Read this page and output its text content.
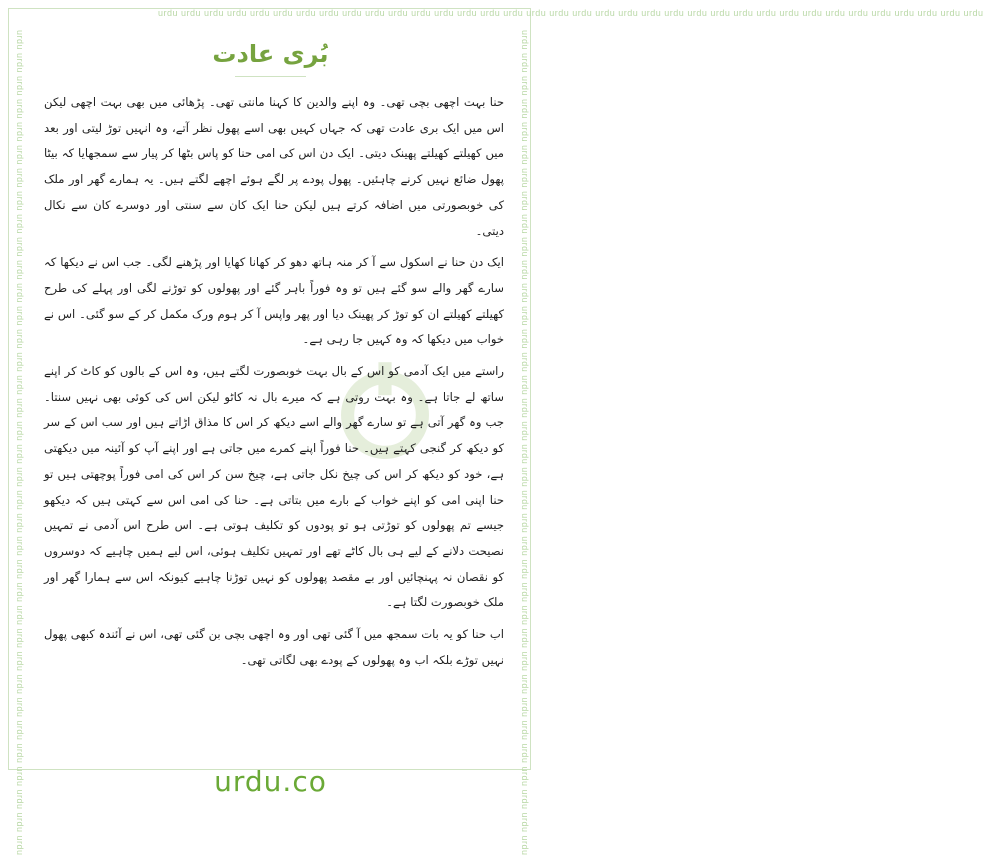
urdu urdu urdu urdu urdu urdu urdu urdu urdu urdu urdu urdu urdu urdu urdu urdu urdu urdu urdu urdu urdu urdu urdu urdu urdu urdu urdu urdu urdu urdu urdu urdu urdu urdu urdu urdu
urdu urdu urdu urdu urdu urdu urdu urdu urdu urdu urdu urdu urdu urdu urdu urdu urdu urdu urdu urdu urdu urdu urdu urdu urdu urdu urdu urdu urdu urdu urdu urdu urdu urdu urdu urdu	urdu urdu urdu urdu urdu urdu urdu urdu urdu urdu urdu urdu urdu urdu urdu urdu urdu urdu urdu urdu urdu urdu urdu urdu urdu urdu urdu urdu urdu urdu urdu urdu urdu urdu urdu urdu
بُری عادت

حنا بہت اچھی بچی تھی۔ وہ اپنے والدین کا کہنا مانتی تھی۔ پڑھائی میں بھی بہت اچھی لیکن اس میں ایک بری عادت تھی کہ جہاں کہیں بھی اسے پھول نظر آتے، وہ انہیں توڑ لیتی اور بعد میں کھیلتے کھیلتے پھینک دیتی۔ ایک دن اس کی امی حنا کو پاس بٹھا کر پیار سے سمجھایا کہ بیٹا پھول ضائع نہیں کرنے چاہئیں۔ پھول پودے پر لگے ہوئے اچھے لگتے ہیں۔ یہ ہمارے گھر اور ملک کی خوبصورتی میں اضافہ کرتے ہیں لیکن حنا ایک کان سے سنتی اور دوسرے کان سے نکال دیتی۔

ایک دن حنا نے اسکول سے آ کر منہ ہاتھ دھو کر کھانا کھایا اور پڑھنے لگی۔ جب اس نے دیکھا کہ سارے گھر والے سو گئے ہیں تو وہ فوراً باہر گئے اور پھولوں کو توڑنے لگی اور پہلے کی طرح کھیلتے کھیلتے ان کو توڑ کر پھینک دیا اور پھر واپس آ کر ہوم ورک مکمل کر کے سو گئی۔ اس نے خواب میں دیکھا کہ وہ کہیں جا رہی ہے۔

راستے میں ایک آدمی کو اس کے بال بہت خوبصورت لگتے ہیں، وہ اس کے بالوں کو کاٹ کر اپنے ساتھ لے جاتا ہے۔ وہ بہت روتی ہے کہ میرے بال نہ کاٹو لیکن اس کی کوئی بھی نہیں سنتا۔ جب وہ گھر آتی ہے تو سارے گھر والے اسے دیکھ کر اس کا مذاق اڑاتے ہیں اور سب اس کے سر کو دیکھ کر گنجی کہتے ہیں۔ حنا فوراً اپنے کمرے میں جاتی ہے اور اپنے آپ کو آئینہ میں دیکھتی ہے، خود کو دیکھ کر اس کی چیخ نکل جاتی ہے، چیخ سن کر اس کی امی فوراً پوچھتی ہیں تو حنا اپنی امی کو اپنے خواب کے بارے میں بتاتی ہے۔ حنا کی امی اس سے کہتی ہیں کہ دیکھو جیسے تم پھولوں کو توڑتی ہو تو پودوں کو تکلیف ہوتی ہے۔ اس طرح اس آدمی نے تمہیں نصیحت دلانے کے لیے ہی بال کاٹے تھے اور تمہیں تکلیف ہوئی، اس لیے ہمیں چاہیے کہ دوسروں کو نقصان نہ پہنچائیں اور بے مقصد پھولوں کو نہیں توڑنا چاہیے کیونکہ اس سے ہمارا گھر اور ملک خوبصورت لگتا ہے۔

اب حنا کو یہ بات سمجھ میں آ گئی تھی اور وہ اچھی بچی بن گئی تھی، اس نے آئندہ کبھی پھول نہیں توڑے بلکہ اب وہ پھولوں کے پودے بھی لگاتی تھی۔

urdu.co
